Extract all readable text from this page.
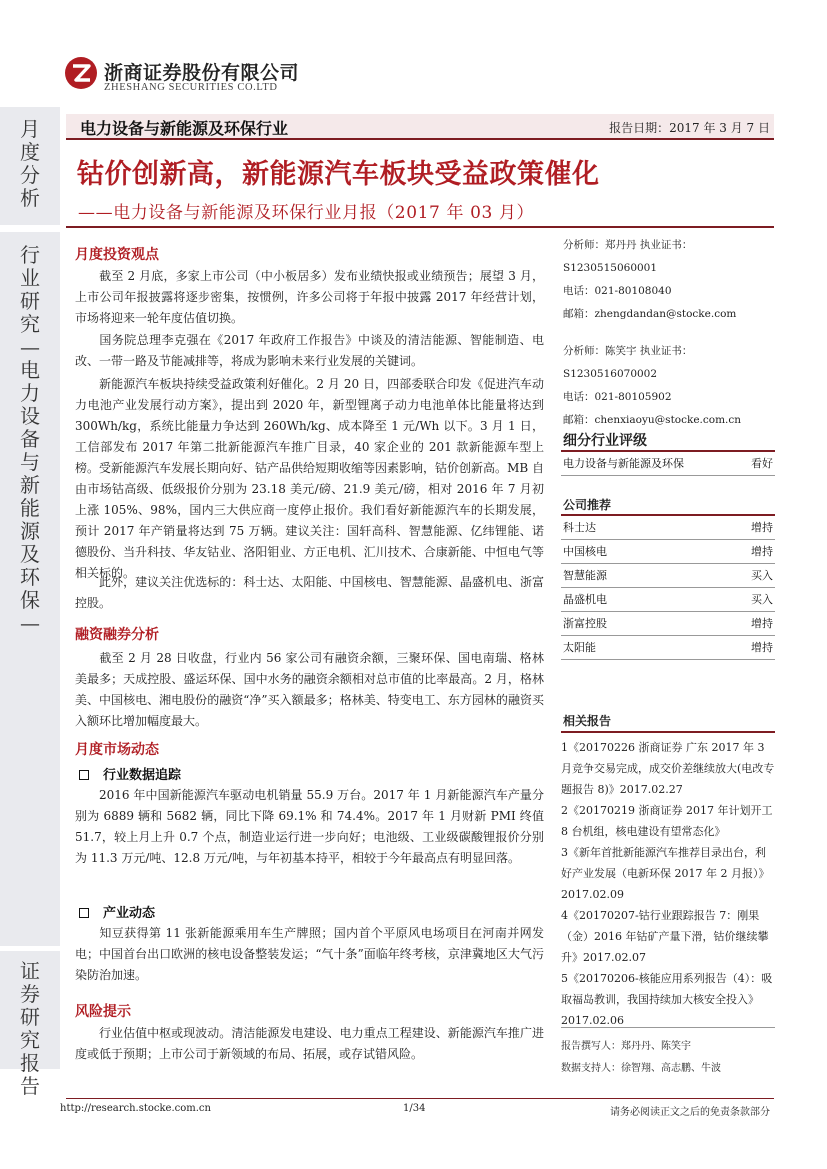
月
度
分
析
行
业
研
究
—
电
力
设
备
与
新
能
源
及
环
保
—
证
券
研
究
报
告
浙商证券股份有限公司
ZHESHANG SECURITIES CO.LTD
电力设备与新能源及环保行业	报告日期：2017 年 3 月 7 日
钴价创新高，新能源汽车板块受益政策催化
——电力设备与新能源及环保行业月报（2017 年 03 月）
月度投资观点
截至 2 月底，多家上市公司（中小板居多）发布业绩快报或业绩预告；展望 3 月，上市公司年报披露将逐步密集，按惯例，许多公司将于年报中披露 2017 年经营计划，市场将迎来一轮年度估值切换。
国务院总理李克强在《2017 年政府工作报告》中谈及的清洁能源、智能制造、电改、一带一路及节能减排等，将成为影响未来行业发展的关键词。
新能源汽车板块持续受益政策利好催化。2 月 20 日，四部委联合印发《促进汽车动力电池产业发展行动方案》，提出到 2020 年，新型锂离子动力电池单体比能量将达到 300Wh/kg，系统比能量力争达到 260Wh/kg、成本降至 1 元/Wh 以下。3 月 1 日，工信部发布 2017 年第二批新能源汽车推广目录，40 家企业的 201 款新能源车型上榜。受新能源汽车发展长期向好、钴产品供给短期收缩等因素影响，钴价创新高。MB 自由市场钴高级、低级报价分别为 23.18 美元/磅、21.9 美元/磅，相对 2016 年 7 月初上涨 105%、98%，国内三大供应商一度停止报价。我们看好新能源汽车的长期发展，预计 2017 年产销量将达到 75 万辆。建议关注：国轩高科、智慧能源、亿纬锂能、诺德股份、当升科技、华友钴业、洛阳钼业、方正电机、汇川技术、合康新能、中恒电气等相关标的。
此外，建议关注优选标的：科士达、太阳能、中国核电、智慧能源、晶盛机电、浙富控股。
融资融券分析
截至 2 月 28 日收盘，行业内 56 家公司有融资余额，三聚环保、国电南瑞、格林美最多；天成控股、盛运环保、国中水务的融资余额相对总市值的比率最高。2 月，格林美、中国核电、湘电股份的融资“净”买入额最多；格林美、特变电工、东方园林的融资买入额环比增加幅度最大。
月度市场动态
行业数据追踪
2016 年中国新能源汽车驱动电机销量 55.9 万台。2017 年 1 月新能源汽车产量分别为 6889 辆和 5682 辆，同比下降 69.1% 和 74.4%。2017 年 1 月财新 PMI 终值 51.7，较上月上升 0.7 个点，制造业运行进一步向好；电池级、工业级碳酸锂报价分别为 11.3 万元/吨、12.8 万元/吨，与年初基本持平，相较于今年最高点有明显回落。
产业动态
知豆获得第 11 张新能源乘用车生产牌照；国内首个平原风电场项目在河南并网发电；中国首台出口欧洲的核电设备整装发运；“气十条”面临年终考核，京津冀地区大气污染防治加速。
风险提示
行业估值中枢或现波动。清洁能源发电建设、电力重点工程建设、新能源汽车推广进度或低于预期；上市公司于新领域的布局、拓展，或存试错风险。
分析师：郑丹丹 执业证书：
S1230515060001
电话：021-80108040
邮箱：zhengdandan@stocke.com
分析师：陈笑宇 执业证书：
S1230516070002
电话：021-80105902
邮箱：chenxiaoyu@stocke.com.cn
细分行业评级
电力设备与新能源及环保	看好
公司推荐
科士达	增持
中国核电	增持
智慧能源	买入
晶盛机电	买入
浙富控股	增持
太阳能	增持
相关报告

1《20170226 浙商证券 广东 2017 年 3 月竞争交易完成，成交价差继续放大(电改专题报告 8)》2017.02.27

2《20170219 浙商证券 2017 年计划开工 8 台机组，核电建设有望常态化》

3《新年首批新能源汽车推荐目录出台，利好产业发展（电新环保 2017 年 2 月报）》2017.02.09

4《20170207-钴行业跟踪报告 7：刚果（金）2016 年钴矿产量下滑，钴价继续攀升》2017.02.07

5《20170206-核能应用系列报告（4）：吸取福岛教训，我国持续加大核安全投入》2017.02.06

报告撰写人：郑丹丹、陈笑宇
数据支持人：徐智翔、高志鹏、牛波
http://research.stocke.com.cn	1/34	请务必阅读正文之后的免责条款部分
